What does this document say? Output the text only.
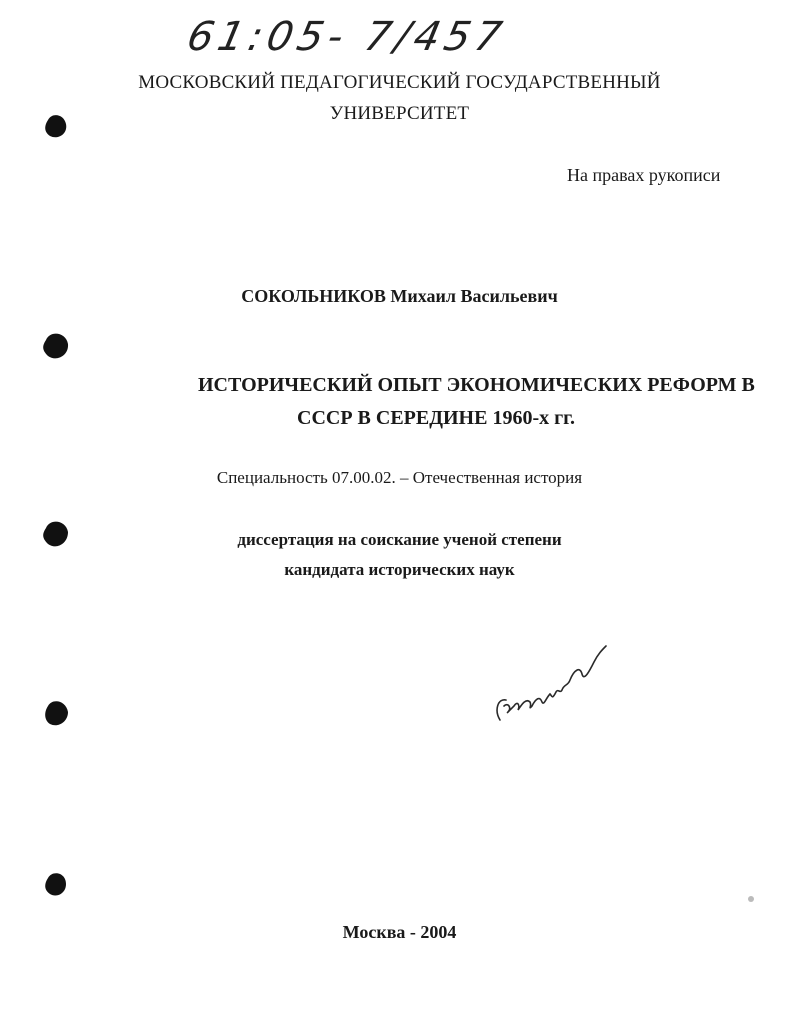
61:05- 7/457
МОСКОВСКИЙ ПЕДАГОГИЧЕСКИЙ ГОСУДАРСТВЕННЫЙ
УНИВЕРСИТЕТ
На правах рукописи
СОКОЛЬНИКОВ Михаил Васильевич
ИСТОРИЧЕСКИЙ ОПЫТ ЭКОНОМИЧЕСКИХ РЕФОРМ В
СССР В СЕРЕДИНЕ 1960-х гг.
Специальность 07.00.02. – Отечественная история
диссертация на соискание ученой степени
кандидата исторических наук
Москва - 2004
